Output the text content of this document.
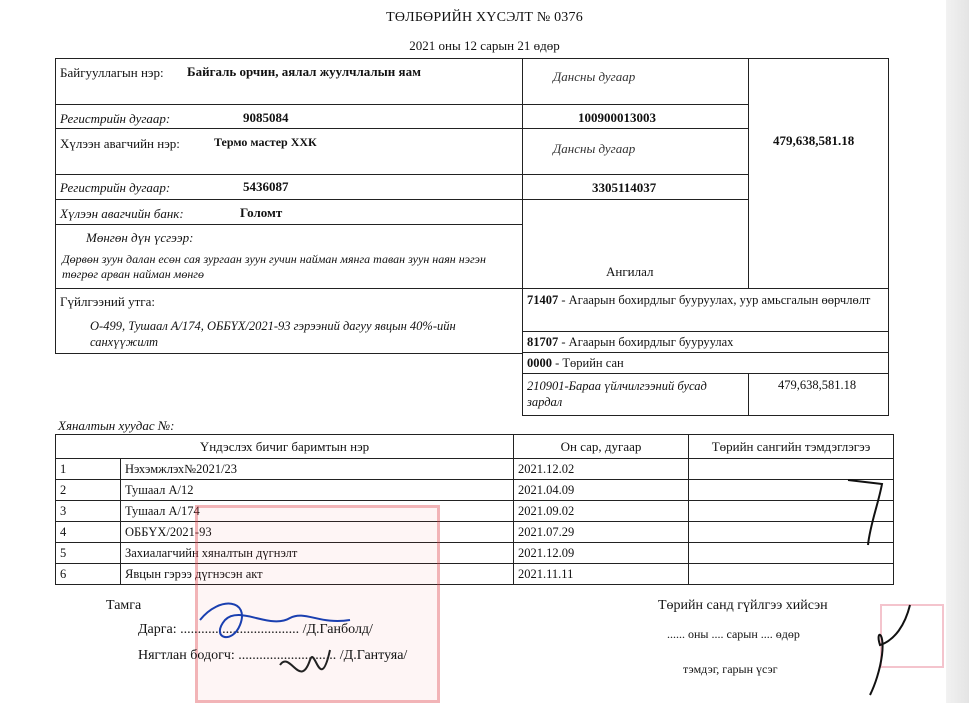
ТӨЛБӨРИЙН ХҮСЭЛТ № 0376
2021 оны 12 сарын 21 өдөр
Байгууллагын нэр: Байгаль орчин, аялал жуулчлалын яам	Дансны дугаар
Регистрийн дугаар:	9085084	100900013003
Хүлээн авагчийн нэр:	Термо мастер ХХК	Дансны дугаар
Регистрийн дугаар:	5436087	3305114037
Хүлээн авагчийн банк:	Голомт
479,638,581.18
Мөнгөн дүн үсгээр:
Дөрвөн зуун далан есөн сая зургаан зуун гучин найман мянга таван зуун наян нэгэн төгрөг арван найман мөнгө	Ангилал
Гүйлгээний утга:
О-499, Тушаал А/174, ОББҮХ/2021-93 гэрээний дагуу явцын 40%-ийн санхүүжилт
71407 - Агаарын бохирдлыг бууруулах, уур амьсгалын өөрчлөлт
81707 - Агаарын бохирдлыг бууруулах
0000 - Төрийн сан
210901-Бараа үйлчилгээний бусад зардал
479,638,581.18
Хяналтын хуудас №:
Үндэслэх бичиг баримтын нэр		Он сар, дугаар	Төрийн сангийн тэмдэглэгээ
1	Нэхэмжлэх№2021/23	2021.12.02	
2	Тушаал А/12	2021.04.09	
3	Тушаал А/174	2021.09.02	
4	ОББҮХ/2021-93	2021.07.29	
5	Захиалагчийн хяналтын дүгнэлт	2021.12.09	
6	Явцын гэрээ дүгнэсэн акт	2021.11.11	
Тамга
Дарга: .................................. /Д.Ганболд/
Нягтлан бодогч: ............................ /Д.Гантуяа/
Төрийн санд гүйлгээ хийсэн
...... оны .... сарын .... өдөр
тэмдэг, гарын үсэг
